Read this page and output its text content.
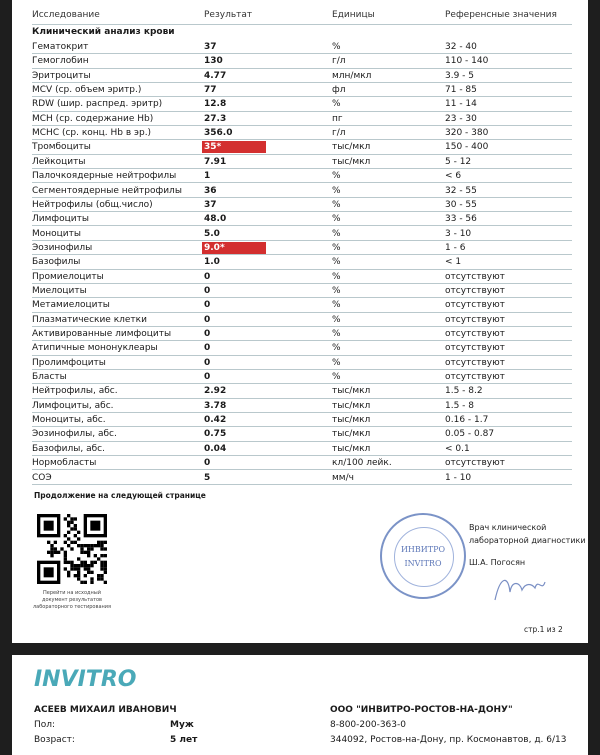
Исследование	Результат	Единицы	Референсные значения
Клинический анализ крови
Гематокрит	37	%	32 - 40
Гемоглобин	130	г/л	110 - 140
Эритроциты	4.77	млн/мкл	3.9 - 5
MCV (ср. объем эритр.)	77	фл	71 - 85
RDW (шир. распред. эритр)	12.8	%	11 - 14
MCH (ср. содержание Hb)	27.3	пг	23 - 30
MCHC (ср. конц. Hb в эр.)	356.0	г/л	320 - 380
Тромбоциты	35*	тыс/мкл	150 - 400
Лейкоциты	7.91	тыс/мкл	5 - 12
Палочкоядерные нейтрофилы	1	%	< 6
Сегментоядерные нейтрофилы 36	%	32 - 55
Нейтрофилы (общ.число)	37	%	30 - 55
Лимфоциты	48.0	%	33 - 56
Моноциты	5.0	%	3 - 10
Эозинофилы	9.0*	%	1 - 6
Базофилы	1.0	%	< 1
Промиелоциты	0	%	отсутствуют
Миелоциты	0	%	отсутствуют
Метамиелоциты	0	%	отсутствуют
Плазматические клетки	0	%	отсутствуют
Активированные лимфоциты	0	%	отсутствуют
Атипичные мононуклеары	0	%	отсутствуют
Пролимфоциты	0	%	отсутствуют
Бласты	0	%	отсутствуют
Нейтрофилы, абс.	2.92	тыс/мкл	1.5 - 8.2
Лимфоциты, абс.	3.78	тыс/мкл	1.5 - 8
Моноциты, абс.	0.42	тыс/мкл	0.16 - 1.7
Эозинофилы, абс.	0.75	тыс/мкл	0.05 - 0.87
Базофилы, абс.	0.04	тыс/мкл	< 0.1
Нормобласты	0	кл/100 лейк.	отсутствуют
СОЭ	5	мм/ч	1 - 10
Продолжение на следующей странице
Перейти на исходный документ результатов лабораторного тестирования
ИНВИТРО
INVITRO
Врач клинической
лабораторной диагностики
Ш.А. Погосян
стр.1 из 2
INVITRO
АСЕЕВ МИХАИЛ ИВАНОВИЧ
Пол:	Муж
Возраст:	5 лет
ООО "ИНВИТРО-РОСТОВ-НА-ДОНУ"
8-800-200-363-0
344092, Ростов-на-Дону, пр. Космонавтов, д. 6/13
